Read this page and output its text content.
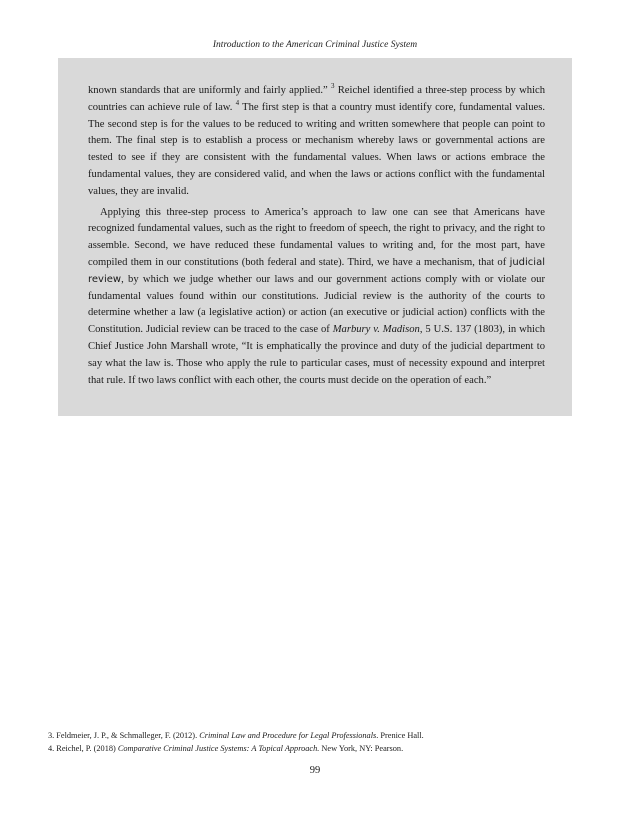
Introduction to the American Criminal Justice System

known standards that are uniformly and fairly applied.” $^3$ Reichel identified a three-step process by which countries can achieve rule of law. $^4$ The first step is that a country must identify core, fundamental values. The second step is for the values to be reduced to writing and written somewhere that people can point to them. The final step is to establish a process or mechanism whereby laws or governmental actions are tested to see if they are consistent with the fundamental values. When laws or actions embrace the fundamental values, they are considered valid, and when the laws or actions conflict with the fundamental values, they are invalid.

Applying this three-step process to America’s approach to law one can see that Americans have recognized fundamental values, such as the right to freedom of speech, the right to privacy, and the right to assemble. Second, we have reduced these fundamental values to writing and, for the most part, have compiled them in our constitutions (both federal and state). Third, we have a mechanism, that of judicial review, by which we judge whether our laws and our government actions comply with or violate our fundamental values found within our constitutions. Judicial review is the authority of the courts to determine whether a law (a legislative action) or action (an executive or judicial action) conflicts with the Constitution. Judicial review can be traced to the case of Marbury v. Madison, 5 U.S. 137 (1803), in which Chief Justice John Marshall wrote, “It is emphatically the province and duty of the judicial department to say what the law is. Those who apply the rule to particular cases, must of necessity expound and interpret that rule. If two laws conflict with each other, the courts must decide on the operation of each.”

3. Feldmeier, J. P., & Schmalleger, F. (2012). Criminal Law and Procedure for Legal Professionals. Prenice Hall.
4. Reichel, P. (2018) Comparative Criminal Justice Systems: A Topical Approach. New York, NY: Pearson.
99
